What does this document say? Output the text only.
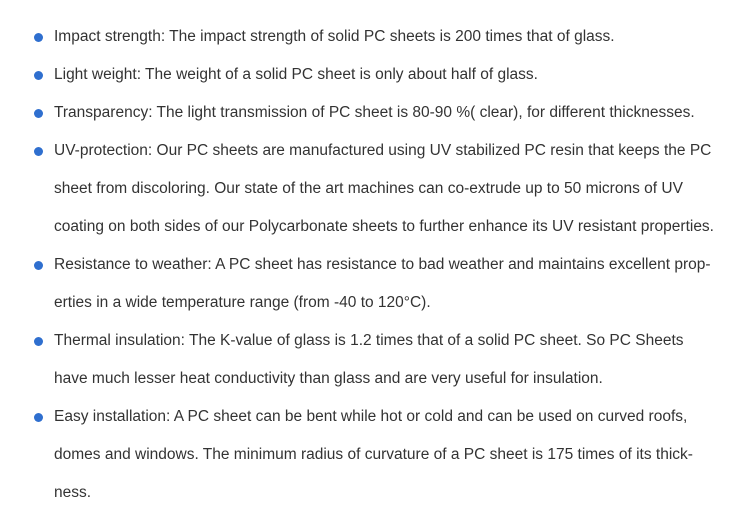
Impact strength: The impact strength of solid PC sheets is 200 times that of glass.
Light weight: The weight of a solid PC sheet is only about half of glass.
Transparency: The light transmission of PC sheet is 80-90 %( clear), for different thicknesses.
UV-protection: Our PC sheets are manufactured using UV stabilized PC resin that keeps the PC
sheet from discoloring. Our state of the art machines can co-extrude up to 50 microns of UV
coating on both sides of our Polycarbonate sheets to further enhance its UV resistant properties.
Resistance to weather: A PC sheet has resistance to bad weather and maintains excellent prop-
erties in a wide temperature range (from -40 to 120°C).
Thermal insulation: The K-value of glass is 1.2 times that of a solid PC sheet. So PC Sheets
have much lesser heat conductivity than glass and are very useful for insulation.
Easy installation: A PC sheet can be bent while hot or cold and can be used on curved roofs,
domes and windows. The minimum radius of curvature of a PC sheet is 175 times of its thick-
ness.
